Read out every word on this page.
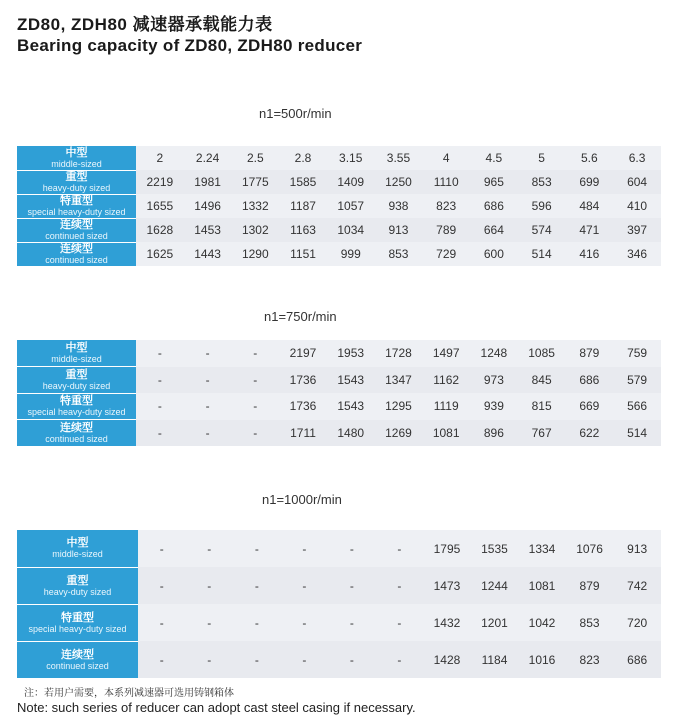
ZD80, ZDH80 减速器承载能力表
Bearing capacity of ZD80, ZDH80 reducer
n1=500r/min
中型
middle-sized	2	2.24	2.5	2.8	3.15	3.55	4	4.5	5	5.6	6.3

重型
heavy-duty sized	2219	1981	1775	1585	1409	1250	1110	965	853	699	604

特重型
special heavy-duty sized	1655	1496	1332	1187	1057	938	823	686	596	484	410

连续型
continued sized	1628	1453	1302	1163	1034	913	789	664	574	471	397

连续型
continued sized	1625	1443	1290	1151	999	853	729	600	514	416	346
n1=750r/min
中型
middle-sized	-	-	-	2197	1953	1728	1497	1248	1085	879	759

重型
heavy-duty sized	-	-	-	1736	1543	1347	1162	973	845	686	579

特重型
special heavy-duty sized	-	-	-	1736	1543	1295	1119	939	815	669	566

连续型
continued sized	-	-	-	1711	1480	1269	1081	896	767	622	514
n1=1000r/min
中型
middle-sized	-	-	-	-	-	-	1795	1535	1334	1076	913

重型
heavy-duty sized	-	-	-	-	-	-	1473	1244	1081	879	742

特重型
special heavy-duty sized	-	-	-	-	-	-	1432	1201	1042	853	720

连续型
continued sized	-	-	-	-	-	-	1428	1184	1016	823	686
注：若用户需要，本系列减速器可选用铸钢箱体
Note: such series of reducer can adopt cast steel casing if necessary.
